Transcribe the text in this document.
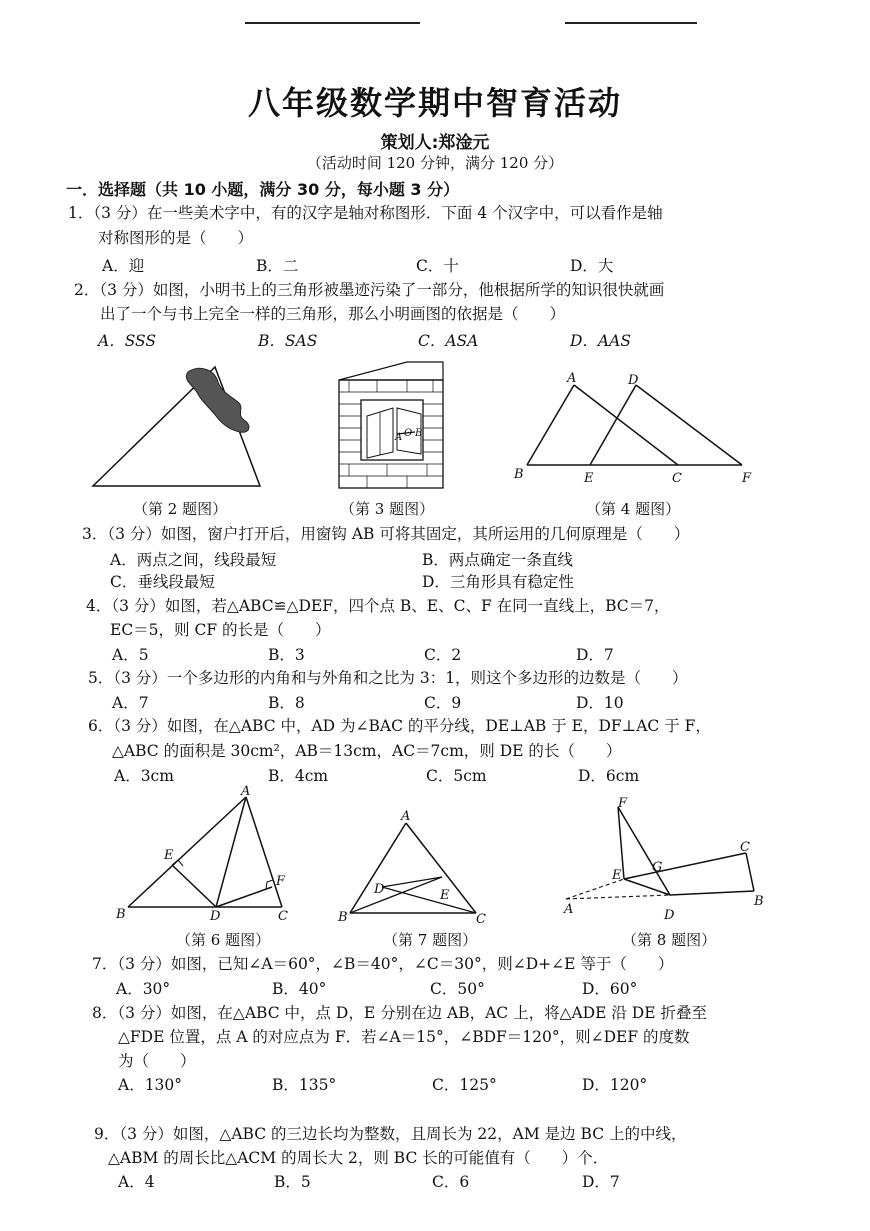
八年级数学期中智育活动
策划人:郑淦元
（活动时间 120 分钟，满分 120 分）
一．选择题（共 10 小题，满分 30 分，每小题 3 分）
1．（3 分）在一些美术字中，有的汉字是轴对称图形．下面 4 个汉字中，可以看作是轴
对称图形的是（　　）
A．迎	B．二	C．十	D．大
2．（3 分）如图，小明书上的三角形被墨迹污染了一部分，他根据所学的知识很快就画
出了一个与书上完全一样的三角形，那么小明画图的依据是（　　）
A．SSS	B．SAS	C．ASA	D．AAS
（第 2 题图）
A O B
（第 3 题图）
A	D
B	E	C	F
（第 4 题图）
3．（3 分）如图，窗户打开后，用窗钩 AB 可将其固定，其所运用的几何原理是（　　）
A．两点之间，线段最短	B．两点确定一条直线
C．垂线段最短	D．三角形具有稳定性
4．（3 分）如图，若△ABC≌△DEF，四个点 B、E、C、F 在同一直线上，BC＝7，
EC＝5，则 CF 的长是（　　）
A．5	B．3	C．2	D．7
5．（3 分）一个多边形的内角和与外角和之比为 3：1，则这个多边形的边数是（　　）
A．7	B．8	C．9	D．10
6．（3 分）如图，在△ABC 中，AD 为∠BAC 的平分线，DE⊥AB 于 E，DF⊥AC 于 F，
△ABC 的面积是 30cm²，AB＝13cm，AC＝7cm，则 DE 的长（　　）
A．3cm	B．4cm	C．5cm	D．6cm
A
E
F
B	D	C
（第 6 题图）
A
D	E
B	C
（第 7 题图）
F
C
E
G
A	D
B
（第 8 题图）
7．（3 分）如图，已知∠A＝60°，∠B＝40°，∠C＝30°，则∠D+∠E 等于（　　）
A．30°	B．40°	C．50°	D．60°
8．（3 分）如图，在△ABC 中，点 D，E 分别在边 AB，AC 上，将△ADE 沿 DE 折叠至
△FDE 位置，点 A 的对应点为 F．若∠A＝15°，∠BDF＝120°，则∠DEF 的度数
为（　　）
A．130°	B．135°	C．125°	D．120°
9．（3 分）如图，△ABC 的三边长均为整数，且周长为 22，AM 是边 BC 上的中线，
△ABM 的周长比△ACM 的周长大 2，则 BC 长的可能值有（　　）个．
A．4	B．5	C．6	D．7
